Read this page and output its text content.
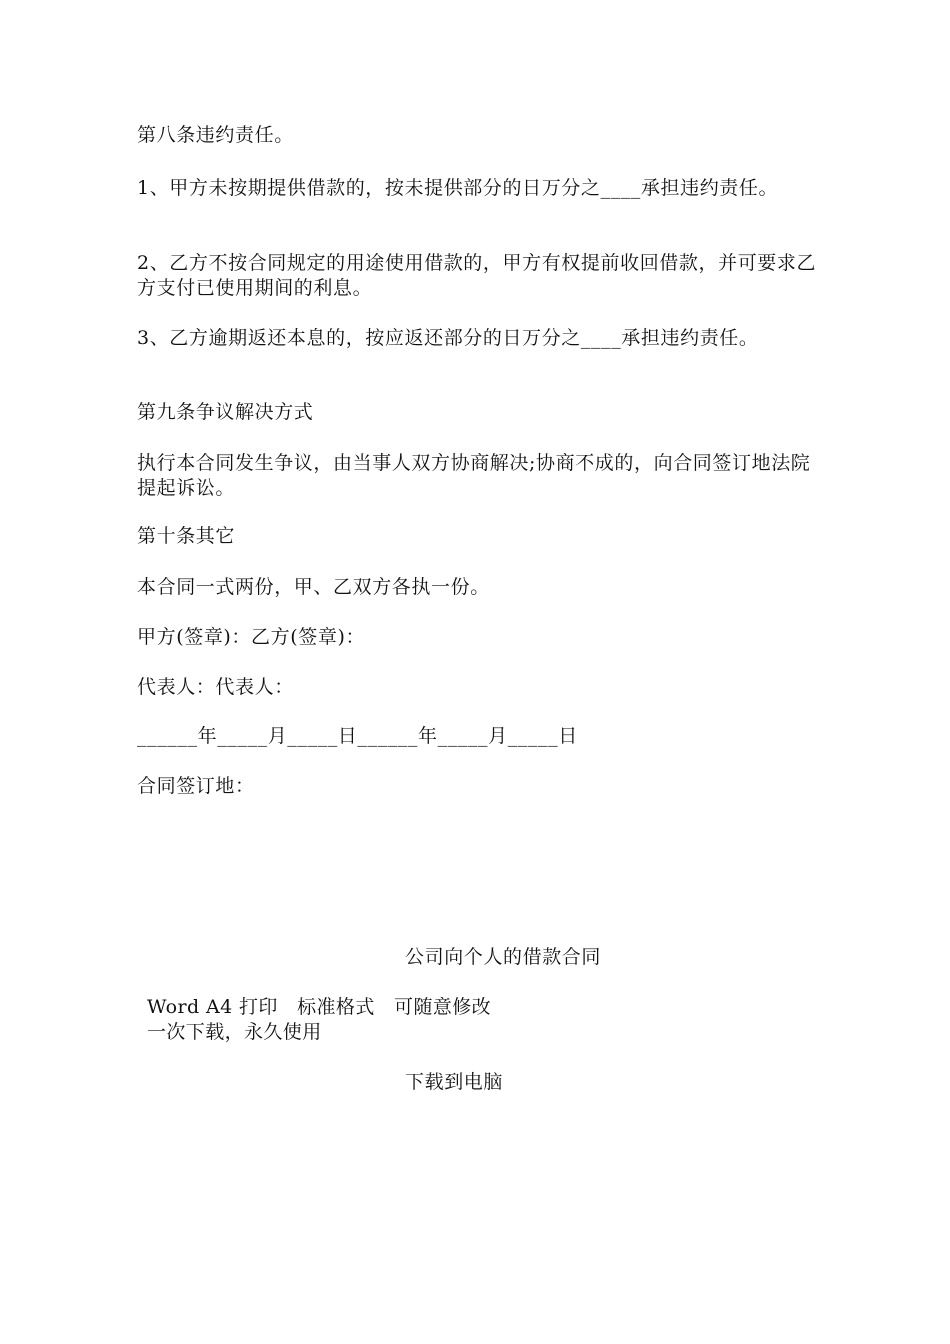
第八条违约责任。

1、甲方未按期提供借款的，按未提供部分的日万分之____承担违约责任。

2、乙方不按合同规定的用途使用借款的，甲方有权提前收回借款，并可要求乙方支付已使用期间的利息。

3、乙方逾期返还本息的，按应返还部分的日万分之____承担违约责任。

第九条争议解决方式

执行本合同发生争议，由当事人双方协商解决;协商不成的，向合同签订地法院提起诉讼。

第十条其它

本合同一式两份，甲、乙双方各执一份。

甲方(签章)：乙方(签章)：

代表人：代表人：

______年_____月_____日______年_____月_____日

合同签订地：

公司向个人的借款合同
Word A4 打印   标准格式   可随意修改
一次下载，永久使用
下载到电脑
